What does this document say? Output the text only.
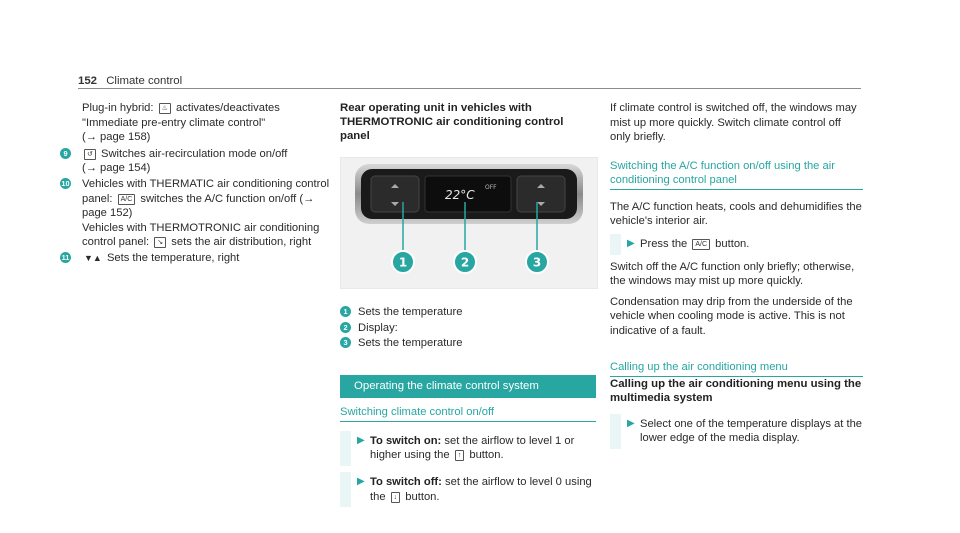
152 Climate control
Plug-in hybrid: ♨ activates/deactivates "Immediate pre-entry climate control"
(→ page 158)
9	↺ Switches air-recirculation mode on/off
(→ page 154)
10 Vehicles with THERMATIC air conditioning control panel: A/C switches the A/C function on/off (→ page 152)
Vehicles with THERMOTRONIC air conditioning control panel: ↘ sets the air distribution, right
11 ▼▲ Sets the temperature, right
Rear operating unit in vehicles with THERMOTRONIC air conditioning control panel
22°C
OFF
1	2	3
1 Sets the temperature
2 Display:
3 Sets the temperature
Operating the climate control system
Switching climate control on/off
▶ To switch on: set the airflow to level 1 or higher using the ↑ button.
▶ To switch off: set the airflow to level 0 using the ↓ button.

If climate control is switched off, the windows may mist up more quickly. Switch climate control off only briefly.

Switching the A/C function on/off using the air conditioning control panel

The A/C function heats, cools and dehumidifies the vehicle's interior air.

▶ Press the A/C button.

Switch off the A/C function only briefly; otherwise, the windows may mist up more quickly.

Condensation may drip from the underside of the vehicle when cooling mode is active. This is not indicative of a fault.

Calling up the air conditioning menu
Calling up the air conditioning menu using the multimedia system
▶ Select one of the temperature displays at the lower edge of the media display.
